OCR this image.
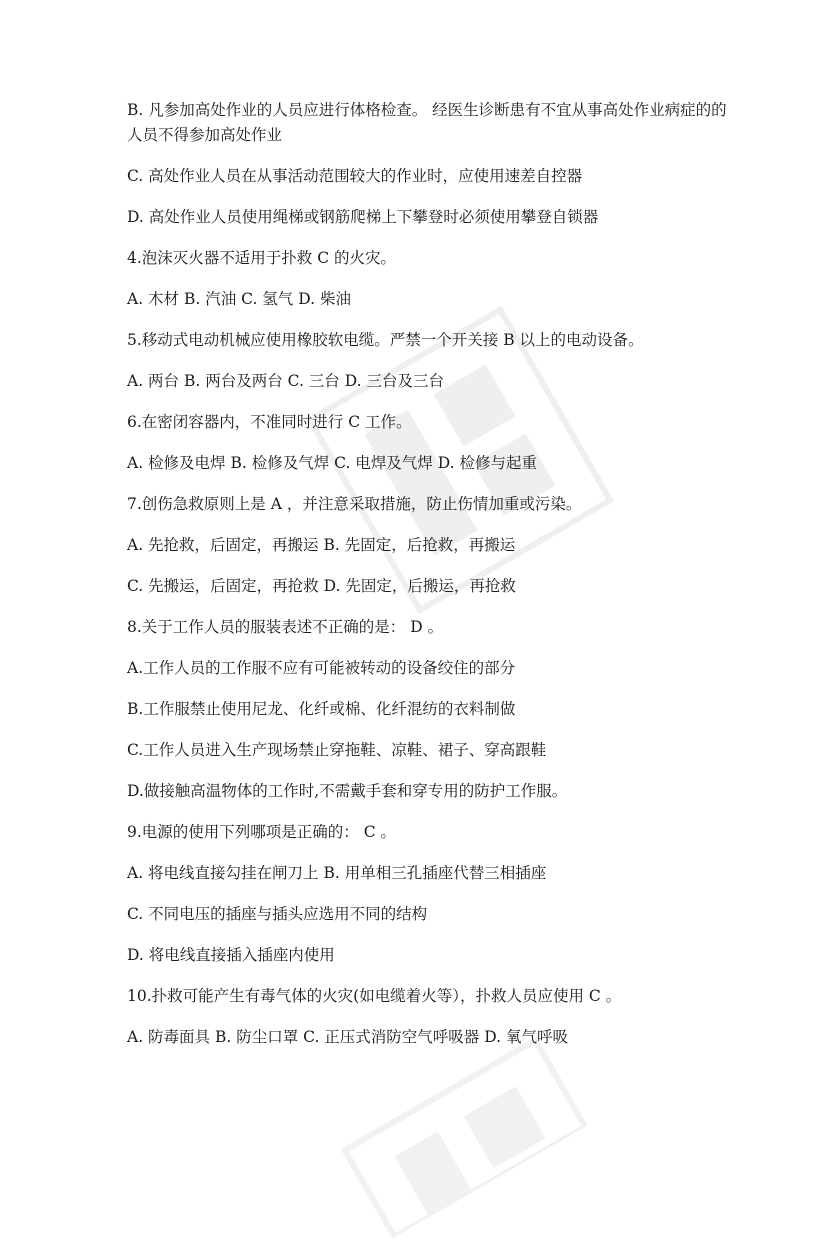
B. 凡参加高处作业的人员应进行体格检查。 经医生诊断患有不宜从事高处作业病症的的人员不得参加高处作业
C. 高处作业人员在从事活动范围较大的作业时，应使用速差自控器
D. 高处作业人员使用绳梯或钢筋爬梯上下攀登时必须使用攀登自锁器
4.泡沫灭火器不适用于扑救 C 的火灾。
A. 木材 B. 汽油 C. 氢气 D. 柴油
5.移动式电动机械应使用橡胶软电缆。严禁一个开关接 B 以上的电动设备。
A. 两台 B. 两台及两台 C. 三台 D. 三台及三台
6.在密闭容器内，不准同时进行 C 工作。
A. 检修及电焊 B. 检修及气焊 C. 电焊及气焊 D. 检修与起重
7.创伤急救原则上是 A ，并注意采取措施，防止伤情加重或污染。
A. 先抢救，后固定，再搬运 B. 先固定，后抢救，再搬运
C. 先搬运，后固定，再抢救 D. 先固定，后搬运，再抢救
8.关于工作人员的服装表述不正确的是： D 。
A.工作人员的工作服不应有可能被转动的设备绞住的部分
B.工作服禁止使用尼龙、化纤或棉、化纤混纺的衣料制做
C.工作人员进入生产现场禁止穿拖鞋、凉鞋、裙子、穿高跟鞋
D.做接触高温物体的工作时,不需戴手套和穿专用的防护工作服。
9.电源的使用下列哪项是正确的： C 。
A. 将电线直接勾挂在闸刀上 B. 用单相三孔插座代替三相插座
C. 不同电压的插座与插头应选用不同的结构
D. 将电线直接插入插座内使用
10.扑救可能产生有毒气体的火灾(如电缆着火等），扑救人员应使用 C 。
A. 防毒面具 B. 防尘口罩 C. 正压式消防空气呼吸器 D. 氧气呼吸
